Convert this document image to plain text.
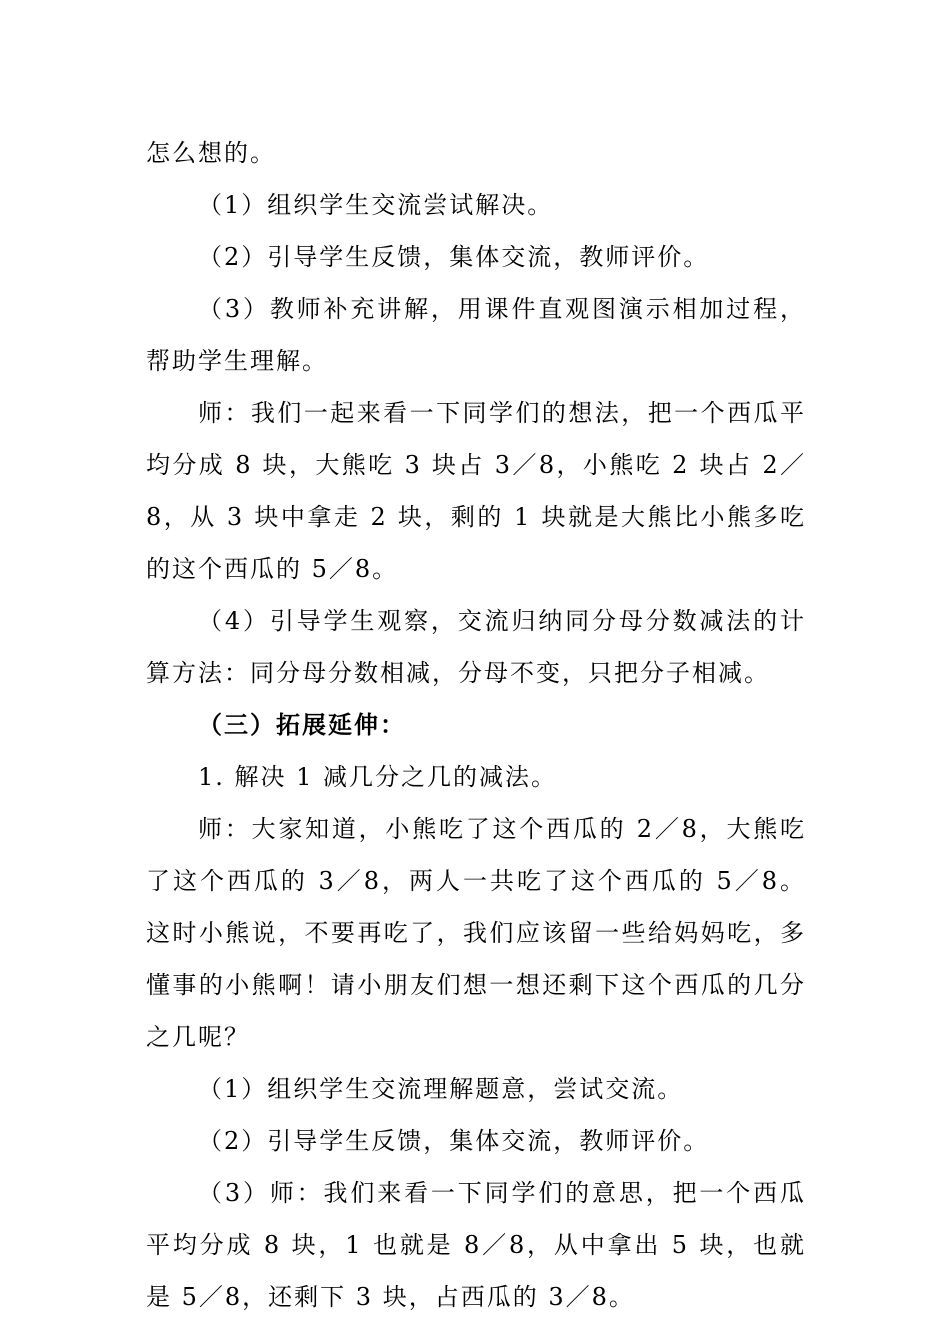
怎么想的。

（1）组织学生交流尝试解决。

（2）引导学生反馈，集体交流，教师评价。

（3）教师补充讲解，用课件直观图演示相加过程，帮助学生理解。

师：我们一起来看一下同学们的想法，把一个西瓜平均分成 8 块，大熊吃 3 块占 3／8，小熊吃 2 块占 2／8，从 3 块中拿走 2 块，剩的 1 块就是大熊比小熊多吃的这个西瓜的 5／8。

（4）引导学生观察，交流归纳同分母分数减法的计算方法：同分母分数相减，分母不变，只把分子相减。

（三）拓展延伸：

1. 解决 1 减几分之几的减法。

师：大家知道，小熊吃了这个西瓜的 2／8，大熊吃了这个西瓜的 3／8，两人一共吃了这个西瓜的 5／8。这时小熊说，不要再吃了，我们应该留一些给妈妈吃，多懂事的小熊啊！请小朋友们想一想还剩下这个西瓜的几分之几呢？

（1）组织学生交流理解题意，尝试交流。

（2）引导学生反馈，集体交流，教师评价。

（3）师：我们来看一下同学们的意思，把一个西瓜平均分成 8 块，1 也就是 8／8，从中拿出 5 块，也就是 5／8，还剩下 3 块，占西瓜的 3／8。
